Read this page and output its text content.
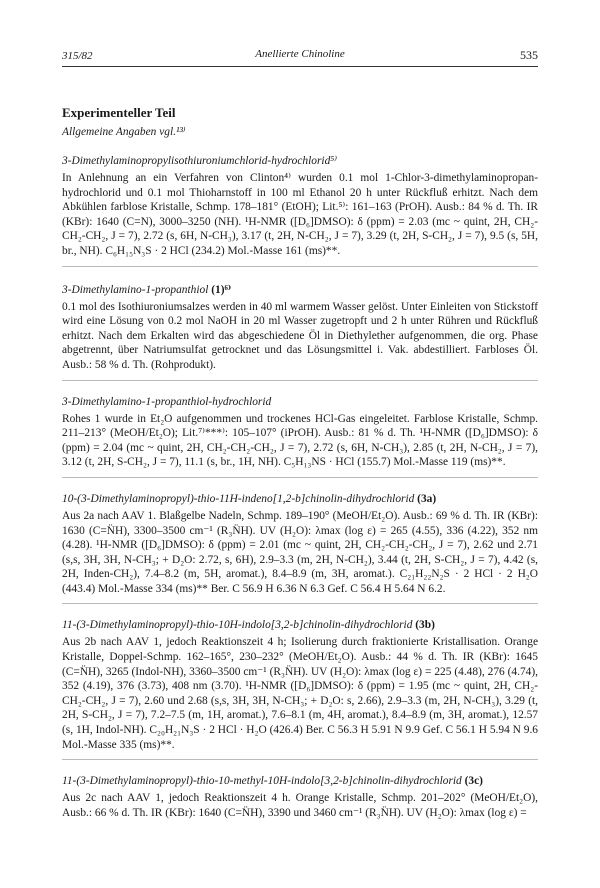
315/82	Anellierte Chinoline	535
Experimenteller Teil
Allgemeine Angaben vgl.¹³⁾
3-Dimethylaminopropylisothiuroniumchlorid-hydrochlorid⁵⁾
In Anlehnung an ein Verfahren von Clinton⁴⁾ wurden 0.1 mol 1-Chlor-3-dimethylaminopropan-hydrochlorid und 0.1 mol Thioharnstoff in 100 ml Ethanol 20 h unter Rückfluß erhitzt. Nach dem Abkühlen farblose Kristalle, Schmp. 178–181° (EtOH); Lit.⁵⁾: 161–163 (PrOH). Ausb.: 84 % d. Th. IR (KBr): 1640 (C=N), 3000–3250 (NH). ¹H-NMR ([D₆]DMSO): δ (ppm) = 2.03 (mc ~ quint, 2H, CH₂-CH₂-CH₂, J = 7), 2.72 (s, 6H, N-CH₃), 3.17 (t, 2H, N-CH₂, J = 7), 3.29 (t, 2H, S-CH₂, J = 7), 9.5 (s, 5H, br., NH). C₆H₁₅N₃S · 2 HCl (234.2) Mol.-Masse 161 (ms)**.
3-Dimethylamino-1-propanthiol (1)⁶⁾
0.1 mol des Isothiuroniumsalzes werden in 40 ml warmem Wasser gelöst. Unter Einleiten von Stickstoff wird eine Lösung von 0.2 mol NaOH in 20 ml Wasser zugetropft und 2 h unter Rühren und Rückfluß erhitzt. Nach dem Erkalten wird das abgeschiedene Öl in Diethylether aufgenommen, die org. Phase abgetrennt, über Natriumsulfat getrocknet und das Lösungsmittel i. Vak. abdestilliert. Farbloses Öl. Ausb.: 58 % d. Th. (Rohprodukt).
3-Dimethylamino-1-propanthiol-hydrochlorid
Rohes 1 wurde in Et₂O aufgenommen und trockenes HCl-Gas eingeleitet. Farblose Kristalle, Schmp. 211–213° (MeOH/Et₂O); Lit.⁷⁾***⁾: 105–107° (iPrOH). Ausb.: 81 % d. Th. ¹H-NMR ([D₆]DMSO): δ (ppm) = 2.04 (mc ~ quint, 2H, CH₂-CH₂-CH₂, J = 7), 2.72 (s, 6H, N-CH₃), 2.85 (t, 2H, N-CH₂, J = 7), 3.12 (t, 2H, S-CH₂, J = 7), 11.1 (s, br., 1H, NH). C₅H₁₃NS · HCl (155.7) Mol.-Masse 119 (ms)**.
10-(3-Dimethylaminopropyl)-thio-11H-indeno[1,2-b]chinolin-dihydrochlorid (3a)
Aus 2a nach AAV 1. Blaßgelbe Nadeln, Schmp. 189–190° (MeOH/Et₂O). Ausb.: 69 % d. Th. IR (KBr): 1630 (C=N̈H), 3300–3500 cm⁻¹ (R₃N̈H). UV (H₂O): λmax (log ε) = 265 (4.55), 336 (4.22), 352 nm (4.28). ¹H-NMR ([D₆]DMSO): δ (ppm) = 2.01 (mc ~ quint, 2H, CH₂-CH₂-CH₂, J = 7), 2.62 und 2.71 (s,s, 3H, 3H, N-CH₃; + D₂O: 2.72, s, 6H), 2.9–3.3 (m, 2H, N-CH₂), 3.44 (t, 2H, S-CH₂, J = 7), 4.42 (s, 2H, Inden-CH₂), 7.4–8.2 (m, 5H, aromat.), 8.4–8.9 (m, 3H, aromat.). C₂₁H₂₂N₂S · 2 HCl · 2 H₂O (443.4) Mol.-Masse 334 (ms)** Ber. C 56.9 H 6.36 N 6.3 Gef. C 56.4 H 5.64 N 6.2.
11-(3-Dimethylaminopropyl)-thio-10H-indolo[3,2-b]chinolin-dihydrochlorid (3b)
Aus 2b nach AAV 1, jedoch Reaktionszeit 4 h; Isolierung durch fraktionierte Kristallisation. Orange Kristalle, Doppel-Schmp. 162–165°, 230–232° (MeOH/Et₂O). Ausb.: 44 % d. Th. IR (KBr): 1645 (C=N̈H), 3265 (Indol-NH), 3360–3500 cm⁻¹ (R₃N̈H). UV (H₂O): λmax (log ε) = 225 (4.48), 276 (4.74), 352 (4.19), 376 (3.73), 408 nm (3.70). ¹H-NMR ([D₆]DMSO): δ (ppm) = 1.95 (mc ~ quint, 2H, CH₂-CH₂-CH₂, J = 7), 2.60 und 2.68 (s,s, 3H, 3H, N-CH₃; + D₂O: s, 2.66), 2.9–3.3 (m, 2H, N-CH₃), 3.29 (t, 2H, S-CH₂, J = 7), 7.2–7.5 (m, 1H, aromat.), 7.6–8.1 (m, 4H, aromat.), 8.4–8.9 (m, 3H, aromat.), 12.57 (s, 1H, Indol-NH). C₂₀H₂₁N₃S · 2 HCl · H₂O (426.4) Ber. C 56.3 H 5.91 N 9.9 Gef. C 56.1 H 5.94 N 9.6 Mol.-Masse 335 (ms)**.
11-(3-Dimethylaminopropyl)-thio-10-methyl-10H-indolo[3,2-b]chinolin-dihydrochlorid (3c)
Aus 2c nach AAV 1, jedoch Reaktionszeit 4 h. Orange Kristalle, Schmp. 201–202° (MeOH/Et₂O), Ausb.: 66 % d. Th. IR (KBr): 1640 (C=N̈H), 3390 und 3460 cm⁻¹ (R₃N̈H). UV (H₂O): λmax (log ε) =
